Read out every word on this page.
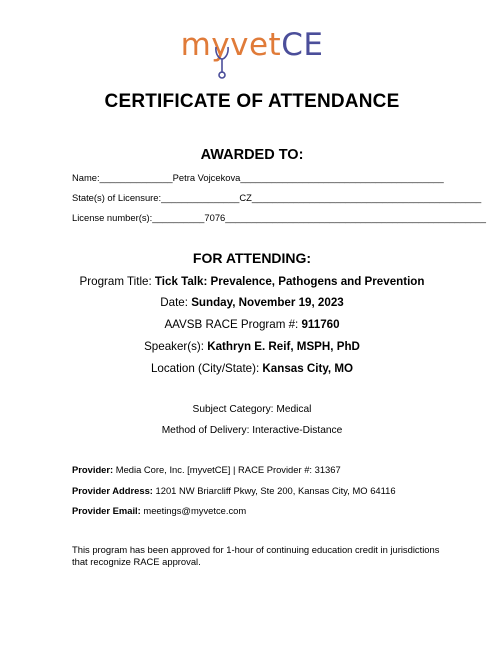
myvetCE
CERTIFICATE OF ATTENDANCE
AWARDED TO:
Name:______________Petra Vojcekova_______________________________________
State(s) of Licensure:_______________CZ____________________________________________
License number(s):__________7076__________________________________________________
FOR ATTENDING:
Program Title: Tick Talk: Prevalence, Pathogens and Prevention
Date: Sunday, November 19, 2023
AAVSB RACE Program #: 911760
Speaker(s): Kathryn E. Reif, MSPH, PhD
Location (City/State): Kansas City, MO
Subject Category: Medical
Method of Delivery: Interactive-Distance
Provider: Media Core, Inc. [myvetCE] | RACE Provider #: 31367
Provider Address: 1201 NW Briarcliff Pkwy, Ste 200, Kansas City, MO 64116
Provider Email: meetings@myvetce.com
This program has been approved for 1-hour of continuing education credit in jurisdictions that recognize RACE approval.
